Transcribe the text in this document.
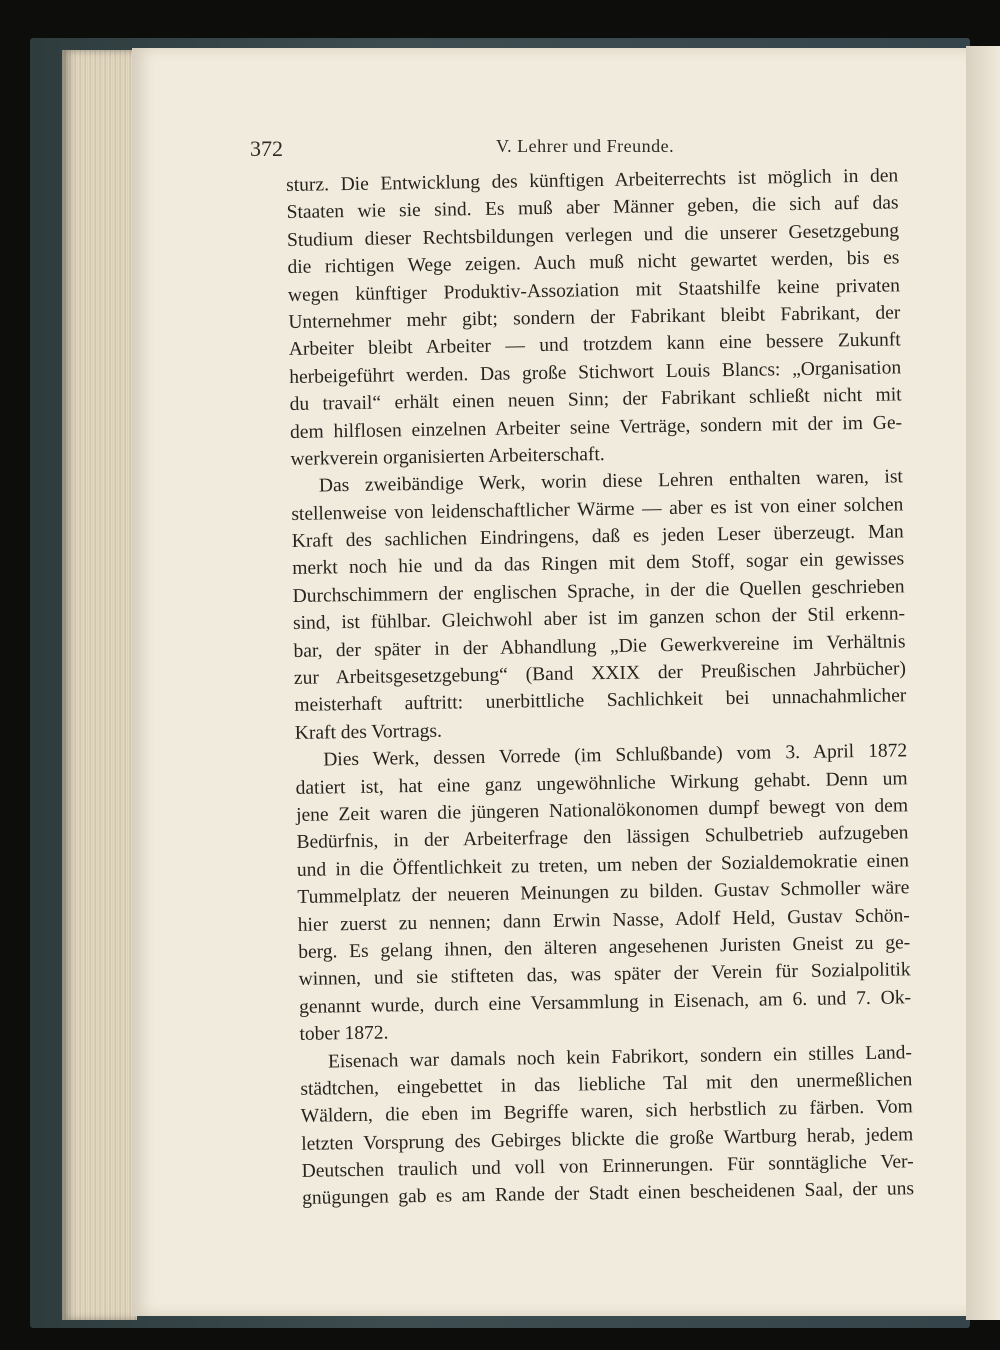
372	V. Lehrer und Freunde.
sturz. Die Entwicklung des künftigen Arbeiterrechts ist möglich in den
Staaten wie sie sind. Es muß aber Männer geben, die sich auf das
Studium dieser Rechtsbildungen verlegen und die unserer Gesetzgebung
die richtigen Wege zeigen. Auch muß nicht gewartet werden, bis es
wegen künftiger Produktiv-Assoziation mit Staatshilfe keine privaten
Unternehmer mehr gibt; sondern der Fabrikant bleibt Fabrikant, der
Arbeiter bleibt Arbeiter — und trotzdem kann eine bessere Zukunft
herbeigeführt werden. Das große Stichwort Louis Blancs: „Organisation
du travail“ erhält einen neuen Sinn; der Fabrikant schließt nicht mit
dem hilflosen einzelnen Arbeiter seine Verträge, sondern mit der im Ge-
werkverein organisierten Arbeiterschaft.
Das zweibändige Werk, worin diese Lehren enthalten waren, ist
stellenweise von leidenschaftlicher Wärme — aber es ist von einer solchen
Kraft des sachlichen Eindringens, daß es jeden Leser überzeugt. Man
merkt noch hie und da das Ringen mit dem Stoff, sogar ein gewisses
Durchschimmern der englischen Sprache, in der die Quellen geschrieben
sind, ist fühlbar. Gleichwohl aber ist im ganzen schon der Stil erkenn-
bar, der später in der Abhandlung „Die Gewerkvereine im Verhältnis
zur Arbeitsgesetzgebung“ (Band XXIX der Preußischen Jahrbücher)
meisterhaft auftritt: unerbittliche Sachlichkeit bei unnachahmlicher
Kraft des Vortrags.
Dies Werk, dessen Vorrede (im Schlußbande) vom 3. April 1872
datiert ist, hat eine ganz ungewöhnliche Wirkung gehabt. Denn um
jene Zeit waren die jüngeren Nationalökonomen dumpf bewegt von dem
Bedürfnis, in der Arbeiterfrage den lässigen Schulbetrieb aufzugeben
und in die Öffentlichkeit zu treten, um neben der Sozialdemokratie einen
Tummelplatz der neueren Meinungen zu bilden. Gustav Schmoller wäre
hier zuerst zu nennen; dann Erwin Nasse, Adolf Held, Gustav Schön-
berg. Es gelang ihnen, den älteren angesehenen Juristen Gneist zu ge-
winnen, und sie stifteten das, was später der Verein für Sozialpolitik
genannt wurde, durch eine Versammlung in Eisenach, am 6. und 7. Ok-
tober 1872.
Eisenach war damals noch kein Fabrikort, sondern ein stilles Land-
städtchen, eingebettet in das liebliche Tal mit den unermeßlichen
Wäldern, die eben im Begriffe waren, sich herbstlich zu färben. Vom
letzten Vorsprung des Gebirges blickte die große Wartburg herab, jedem
Deutschen traulich und voll von Erinnerungen. Für sonntägliche Ver-
gnügungen gab es am Rande der Stadt einen bescheidenen Saal, der uns
